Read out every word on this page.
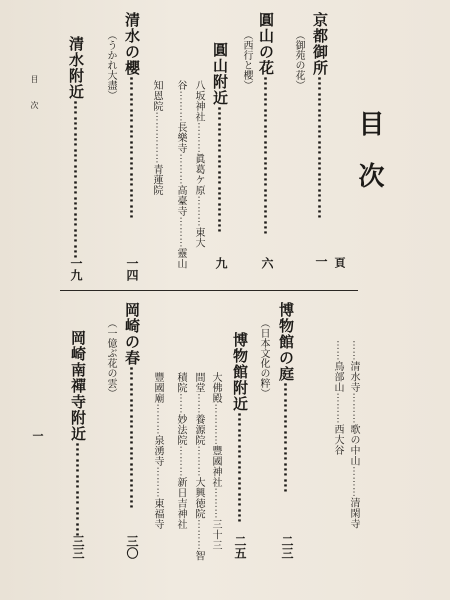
目次
京都御所⋯⋯⋯⋯⋯⋯⋯⋯⋯
一 頁
（御苑の花）
圓山の花⋯⋯⋯⋯⋯⋯⋯⋯⋯⋯
六
（西行と櫻）
圓山附近⋯⋯⋯⋯⋯⋯⋯⋯
九
八坂神社⋯⋯⋯眞葛ケ原⋯⋯⋯東大
谷⋯⋯⋯長樂寺⋯⋯⋯高臺寺⋯⋯⋯靈山
知恩院⋯⋯⋯⋯⋯青蓮院
清水の櫻⋯⋯⋯⋯⋯⋯⋯⋯⋯
一四
（うかれ大盡）
清水附近⋯⋯⋯⋯⋯⋯⋯⋯⋯⋯
一九
目次
⋯⋯清水寺⋯⋯⋯歌の中山⋯⋯⋯清閑寺
⋯⋯鳥部山⋯⋯⋯西大谷
博物館の庭⋯⋯⋯⋯⋯⋯⋯
二三
（日本文化の粹）
博物館附近⋯⋯⋯⋯⋯⋯⋯
二五
大佛殿⋯⋯⋯⋯豐國神社⋯⋯⋯三十三
間堂⋯⋯養源院⋯⋯⋯大興徳院⋯⋯⋯智
積院⋯⋯妙法院⋯⋯⋯新日吉神社
豐國廟⋯⋯⋯泉湧寺⋯⋯⋯東福寺
岡崎の春⋯⋯⋯⋯⋯⋯⋯⋯⋯
三〇
（一億ぶ花の雲）
岡崎南禪寺附近⋯⋯⋯⋯⋯⋯
三三
一
